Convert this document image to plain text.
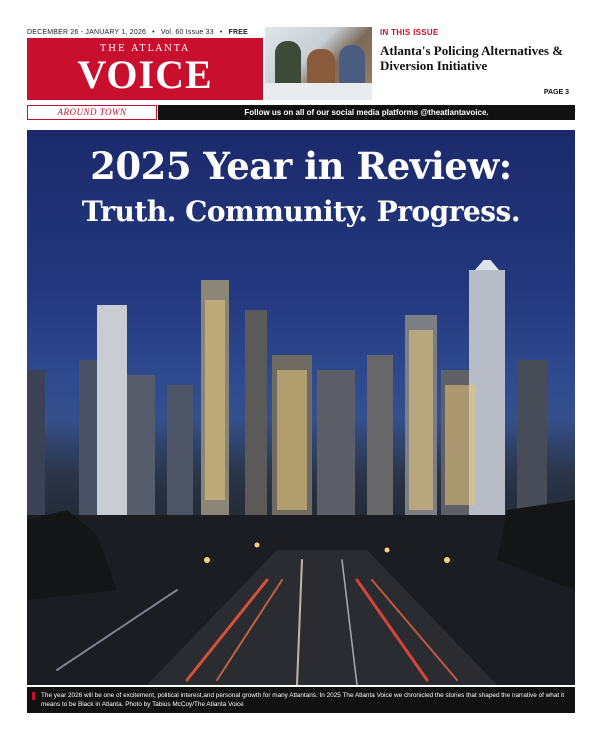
DECEMBER 26 - JANUARY 1, 2026 • Vol. 60 Issue 33 • FREE
THE ATLANTA
VOICE
IN THIS ISSUE
Atlanta's Policing Alternatives & Diversion Initiative
PAGE 3
AROUND TOWN	Follow us on all of our social media platforms @theatlantavoice.
2025 Year in Review:
Truth. Community. Progress.
The year 2026 will be one of excitement, political interest,and personal growth for many Atlantans. In 2025 The Atlanta Voice we chronicled the stories that shaped the narrative of what it means to be Black in Atlanta. Photo by Tabius McCoy/The Atlanta Voice
